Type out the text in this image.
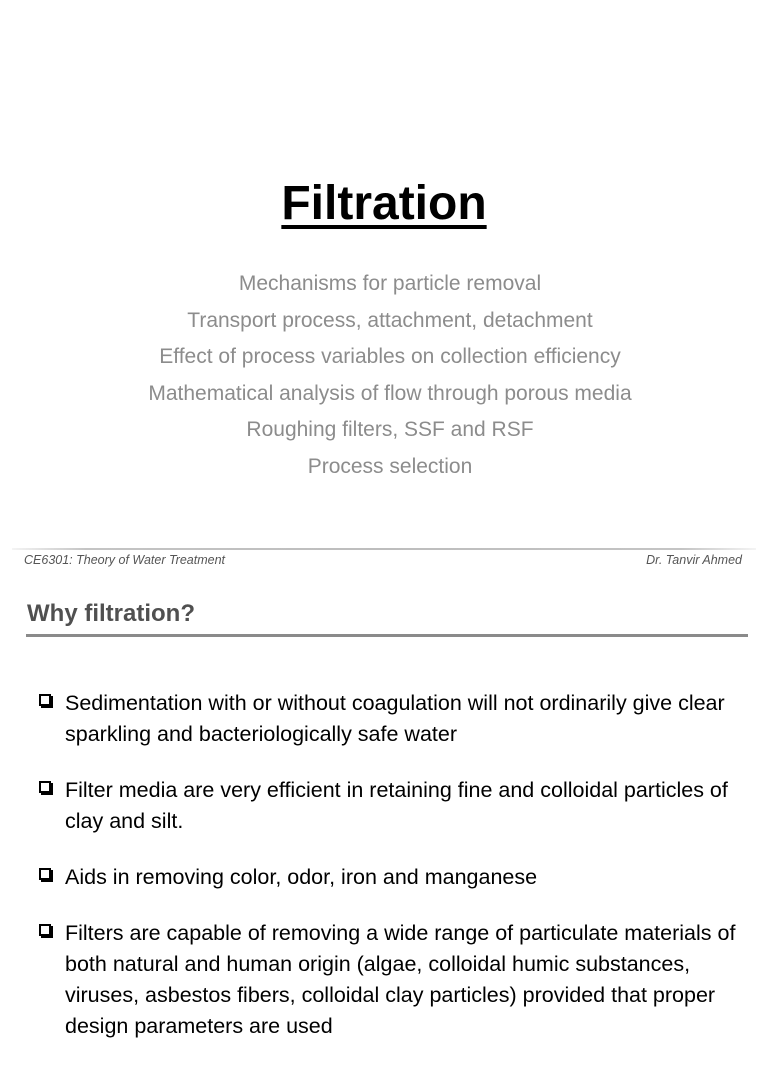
Filtration
Mechanisms for particle removal
Transport process, attachment, detachment
Effect of process variables on collection efficiency
Mathematical analysis of flow through porous media
Roughing filters, SSF and RSF
Process selection
CE6301: Theory of Water Treatment	Dr. Tanvir Ahmed
Why filtration?
Sedimentation with or without coagulation will not ordinarily give clear sparkling and bacteriologically safe water
Filter media are very efficient in retaining fine and colloidal particles of clay and silt.
Aids in removing color, odor, iron and manganese
Filters are capable of removing a wide range of particulate materials of both natural and human origin (algae, colloidal humic substances, viruses, asbestos fibers, colloidal clay particles) provided that proper design parameters are used
